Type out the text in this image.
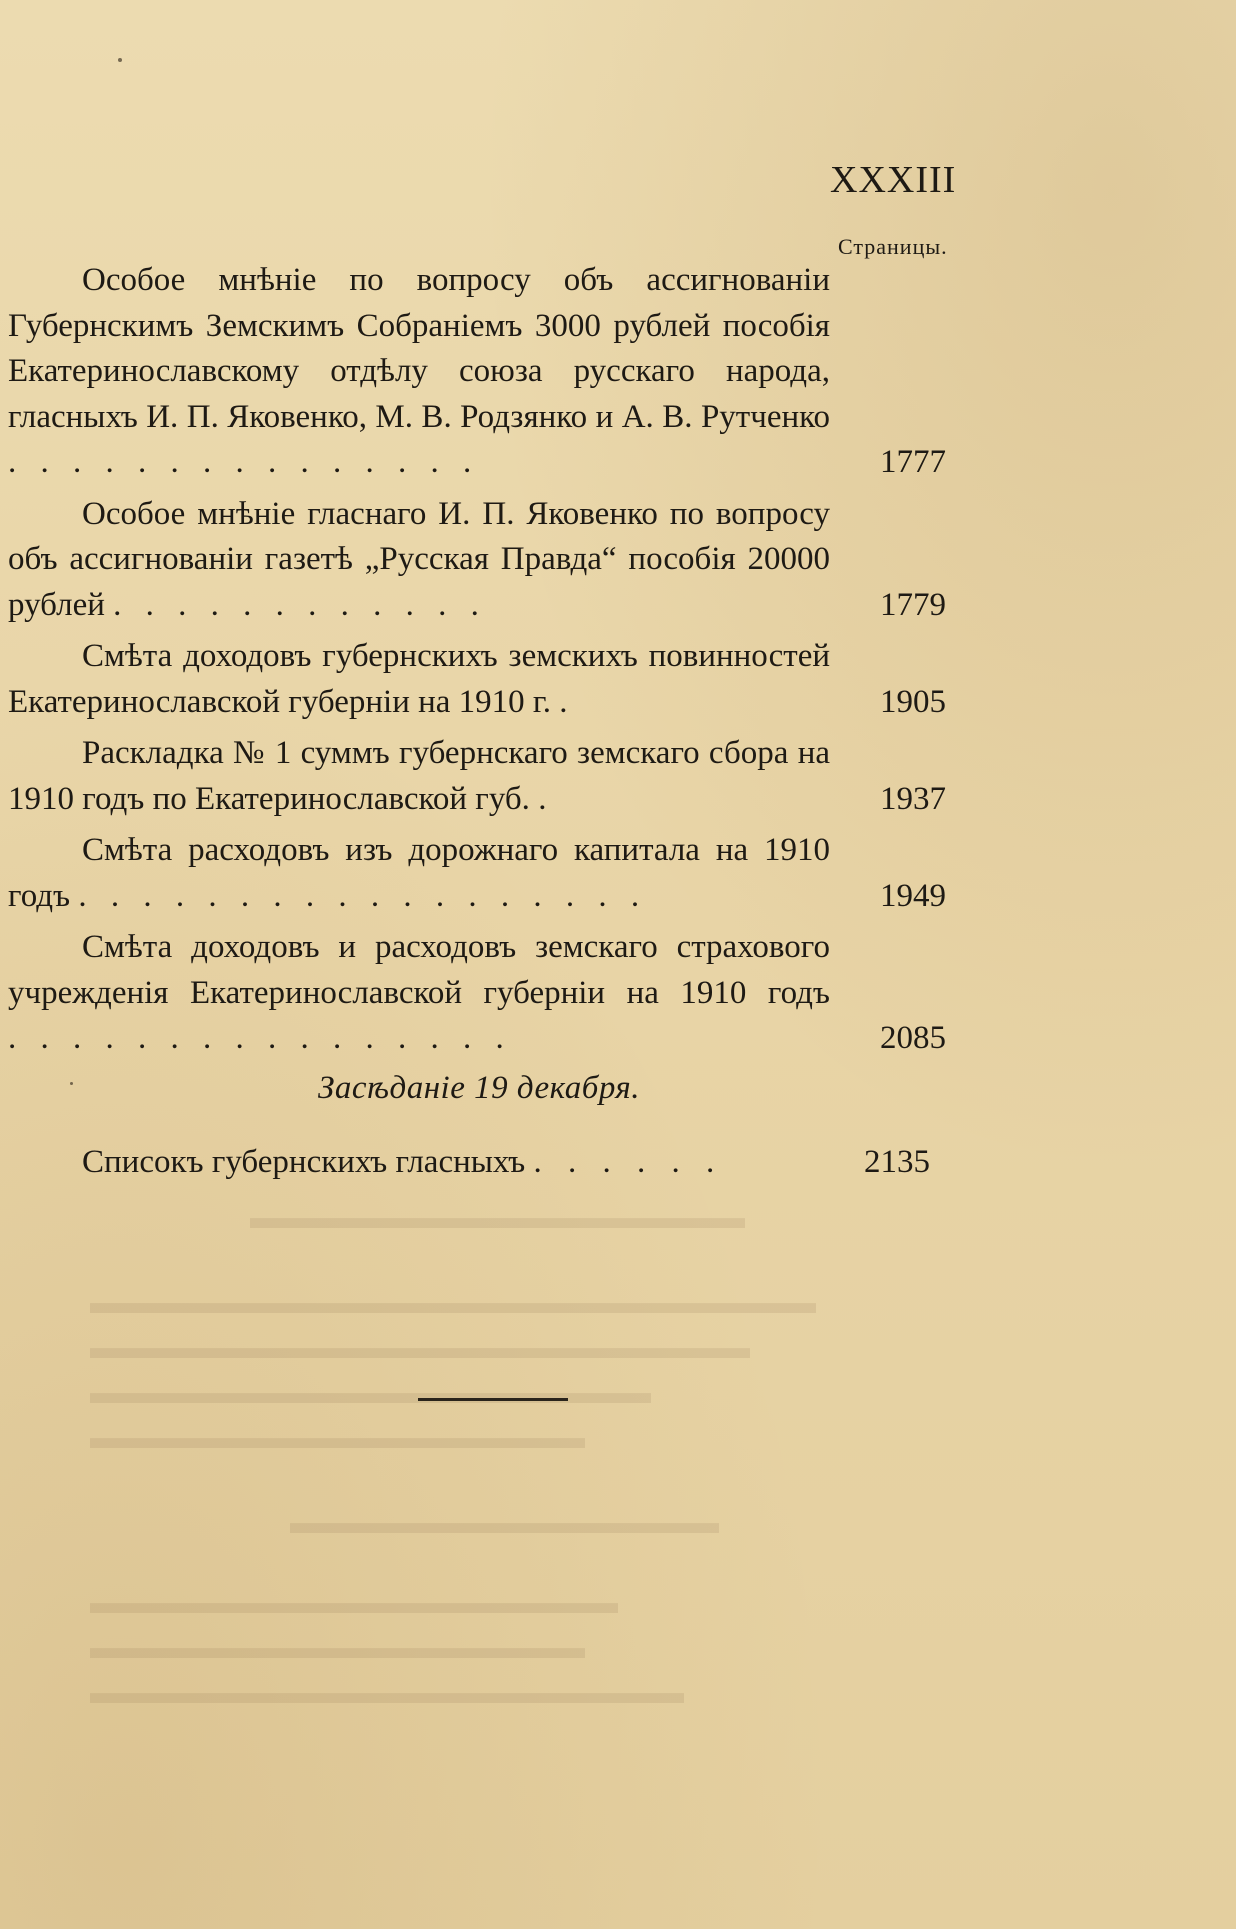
▬▬▬▬▬▬▬▬▬▬▬▬▬▬▬
▬▬▬▬▬▬▬▬▬▬▬▬▬▬▬▬▬▬▬▬▬▬
▬▬▬▬▬▬▬▬▬▬▬▬▬▬▬▬▬▬▬▬
▬▬▬▬▬▬▬▬▬▬▬▬▬▬▬▬▬
▬▬▬▬▬▬▬▬▬▬▬▬▬▬▬
▬▬▬▬▬▬▬▬▬▬▬▬▬
▬▬▬▬▬▬▬▬▬▬▬▬▬▬▬▬
▬▬▬▬▬▬▬▬▬▬▬▬▬▬▬
▬▬▬▬▬▬▬▬▬▬▬▬▬▬▬▬▬▬
XXXIII
Страницы.
Особое мнѣніе по вопросу объ ассигнованіи Губернскимъ Земскимъ Собраніемъ 3000 рублей пособія Екатеринославскому отдѣлу союза русскаго народа, гласныхъ И. П. Яковенко, М. В. Родзянко и А. В. Рутченко . . . . . . . . . . . . . . .	1777
Особое мнѣніе гласнаго И. П. Яковенко по вопросу объ ассигнованіи газетѣ „Русская Правда“ пособія 20000 рублей . . . . . . . . . . . .	1779
Смѣта доходовъ губернскихъ земскихъ повинностей Екатеринославской губерніи на 1910 г. .	1905
Раскладка № 1 суммъ губернскаго земскаго сбора на 1910 годъ по Екатеринославской губ. .	1937
Смѣта расходовъ изъ дорожнаго капитала на 1910 годъ . . . . . . . . . . . . . . . . . .	1949
Смѣта доходовъ и расходовъ земскаго страхового учрежденія Екатеринославской губерніи на 1910 годъ . . . . . . . . . . . . . . . .	2085
Засѣданіе 19 декабря.
Списокъ губернскихъ гласныхъ . . . . . .	2135
